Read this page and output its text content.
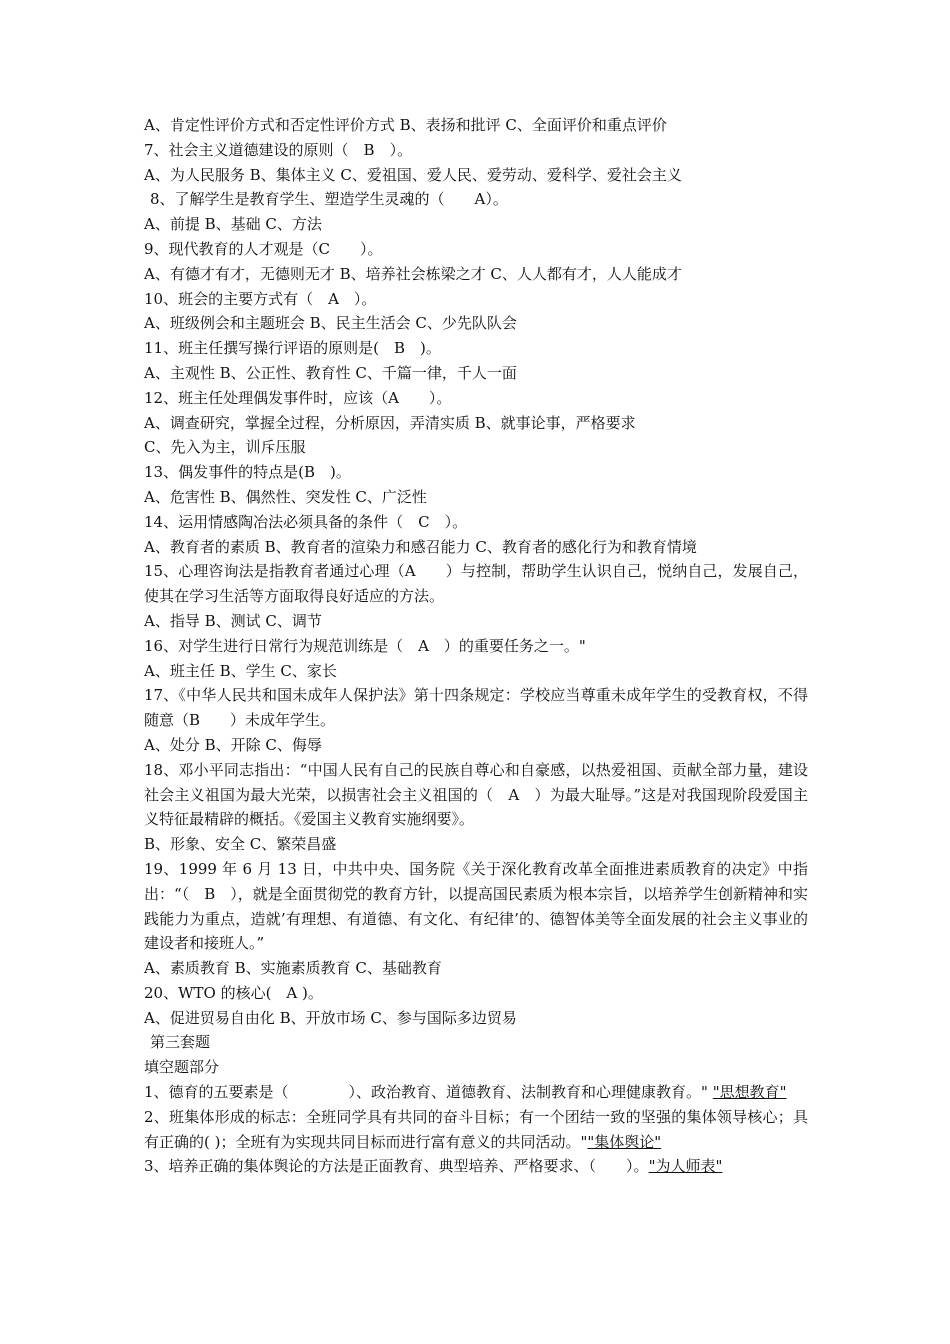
A、肯定性评价方式和否定性评价方式 B、表扬和批评 C、全面评价和重点评价
7、社会主义道德建设的原则（　B　）。
A、为人民服务 B、集体主义 C、爱祖国、爱人民、爱劳动、爱科学、爱社会主义
8、了解学生是教育学生、塑造学生灵魂的（　　A）。
A、前提 B、基础 C、方法
9、现代教育的人才观是（C　　）。
A、有德才有才，无德则无才 B、培养社会栋梁之才 C、人人都有才，人人能成才
10、班会的主要方式有（　A　）。
A、班级例会和主题班会 B、民主生活会 C、少先队队会
11、班主任撰写操行评语的原则是(　B　)。
A、主观性 B、公正性、教育性 C、千篇一律，千人一面
12、班主任处理偶发事件时，应该（A　　）。
A、调查研究，掌握全过程，分析原因，弄清实质 B、就事论事，严格要求
C、先入为主，训斥压服
13、偶发事件的特点是(B　)。
A、危害性 B、偶然性、突发性 C、广泛性
14、运用情感陶冶法必须具备的条件（　C　）。
A、教育者的素质 B、教育者的渲染力和感召能力 C、教育者的感化行为和教育情境
15、心理咨询法是指教育者通过心理（A　　）与控制，帮助学生认识自己，悦纳自己，发展自己，使其在学习生活等方面取得良好适应的方法。
A、指导 B、测试 C、调节
16、对学生进行日常行为规范训练是（　A　）的重要任务之一。"
A、班主任 B、学生 C、家长
17、《中华人民共和国未成年人保护法》第十四条规定：学校应当尊重未成年学生的受教育权，不得随意（B　　）未成年学生。
A、处分 B、开除 C、侮辱
18、邓小平同志指出：“中国人民有自己的民族自尊心和自豪感，以热爱祖国、贡献全部力量，建设社会主义祖国为最大光荣，以损害社会主义祖国的（　A　）为最大耻辱。”这是对我国现阶段爱国主义特征最精辟的概括。《爱国主义教育实施纲要》。
B、形象、安全 C、繁荣昌盛
19、1999 年 6 月 13 日，中共中央、国务院《关于深化教育改革全面推进素质教育的决定》中指出：“（　B　），就是全面贯彻党的教育方针，以提高国民素质为根本宗旨，以培养学生创新精神和实践能力为重点，造就’有理想、有道德、有文化、有纪律’的、德智体美等全面发展的社会主义事业的建设者和接班人。”
A、素质教育 B、实施素质教育 C、基础教育
20、WTO 的核心(　A )。
A、促进贸易自由化 B、开放市场 C、参与国际多边贸易
第三套题
填空题部分
1、德育的五要素是（　　　　）、政治教育、道德教育、法制教育和心理健康教育。" "思想教育"
2、班集体形成的标志：全班同学具有共同的奋斗目标；有一个团结一致的坚强的集体领导核心；具有正确的( )；全班有为实现共同目标而进行富有意义的共同活动。""集体舆论"
3、培养正确的集体舆论的方法是正面教育、典型培养、严格要求、（　　）。"为人师表"
